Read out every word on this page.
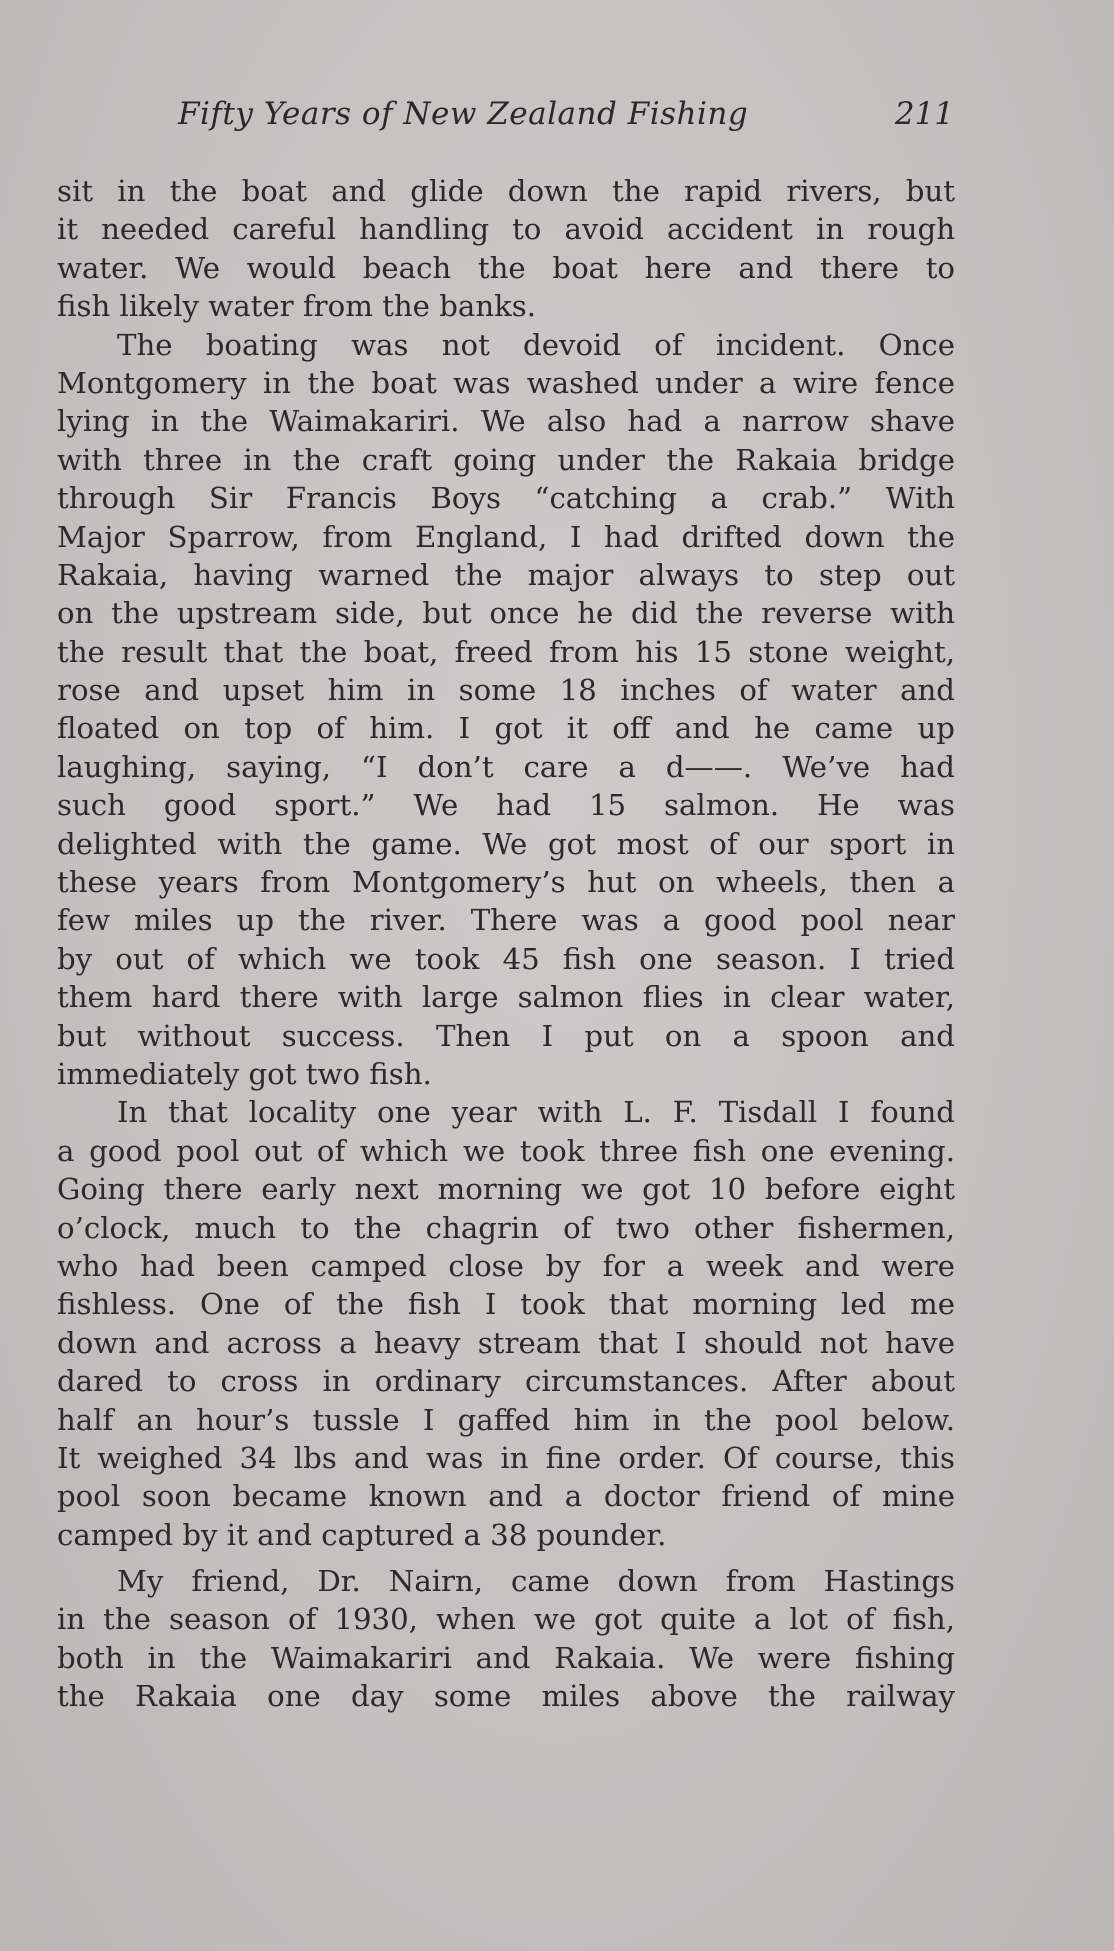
Fifty Years of New Zealand Fishing	211
sit in the boat and glide down the rapid rivers, but
it needed careful handling to avoid accident in rough
water. We would beach the boat here and there to
fish likely water from the banks.
The boating was not devoid of incident. Once
Montgomery in the boat was washed under a wire fence
lying in the Waimakariri. We also had a narrow shave
with three in the craft going under the Rakaia bridge
through Sir Francis Boys “catching a crab.” With
Major Sparrow, from England, I had drifted down the
Rakaia, having warned the major always to step out
on the upstream side, but once he did the reverse with
the result that the boat, freed from his 15 stone weight,
rose and upset him in some 18 inches of water and
floated on top of him. I got it off and he came up
laughing, saying, “I don’t care a d——. We’ve had
such good sport.” We had 15 salmon. He was
delighted with the game. We got most of our sport in
these years from Montgomery’s hut on wheels, then a
few miles up the river. There was a good pool near
by out of which we took 45 fish one season. I tried
them hard there with large salmon flies in clear water,
but without success. Then I put on a spoon and
immediately got two fish.
In that locality one year with L. F. Tisdall I found
a good pool out of which we took three fish one evening.
Going there early next morning we got 10 before eight
o’clock, much to the chagrin of two other fishermen,
who had been camped close by for a week and were
fishless. One of the fish I took that morning led me
down and across a heavy stream that I should not have
dared to cross in ordinary circumstances. After about
half an hour’s tussle I gaffed him in the pool below.
It weighed 34 lbs and was in fine order. Of course, this
pool soon became known and a doctor friend of mine
camped by it and captured a 38 pounder.
My friend, Dr. Nairn, came down from Hastings
in the season of 1930, when we got quite a lot of fish,
both in the Waimakariri and Rakaia. We were fishing
the Rakaia one day some miles above the railway
